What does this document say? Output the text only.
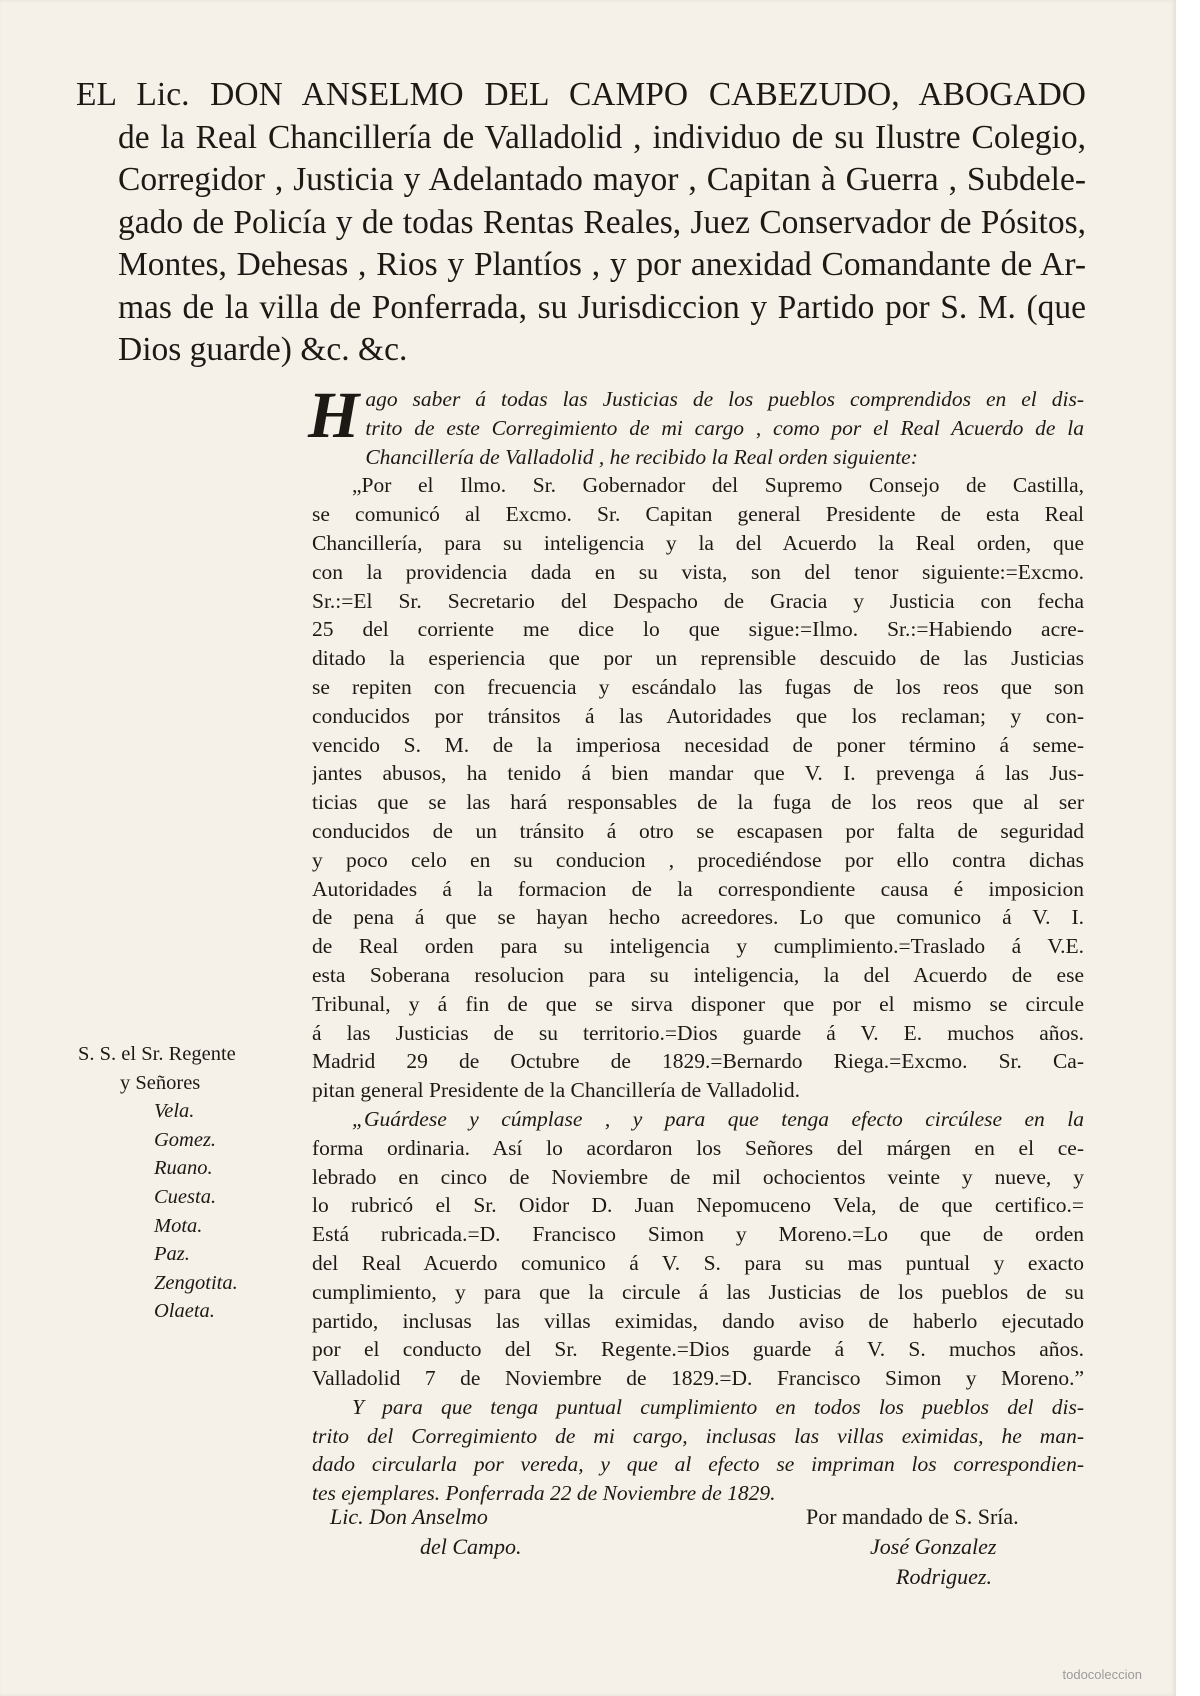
EL Lic. DON ANSELMO DEL CAMPO CABEZUDO, ABOGADO
de la Real Chancillería de Valladolid , individuo de su Ilustre Colegio,
Corregidor , Justicia y Adelantado mayor , Capitan à Guerra , Subdele-
gado de Policía y de todas Rentas Reales, Juez Conservador de Pósitos,
Montes, Dehesas , Rios y Plantíos , y por anexidad Comandante de Ar-
mas de la villa de Ponferrada, su Jurisdiccion y Partido por S. M. (que
Dios guarde) &c. &c.
H ago saber á todas las Justicias de los pueblos comprendidos en el dis-
trito de este Corregimiento de mi cargo , como por el Real Acuerdo de la
Chancillería de Valladolid , he recibido la Real orden siguiente:
„Por el Ilmo. Sr. Gobernador del Supremo Consejo de Castilla,
se comunicó al Excmo. Sr. Capitan general Presidente de esta Real
Chancillería, para su inteligencia y la del Acuerdo la Real orden, que
con la providencia dada en su vista, son del tenor siguiente:=Excmo.
Sr.:=El Sr. Secretario del Despacho de Gracia y Justicia con fecha
25 del corriente me dice lo que sigue:=Ilmo. Sr.:=Habiendo acre-
ditado la esperiencia que por un reprensible descuido de las Justicias
se repiten con frecuencia y escándalo las fugas de los reos que son
conducidos por tránsitos á las Autoridades que los reclaman; y con-
vencido S. M. de la imperiosa necesidad de poner término á seme-
jantes abusos, ha tenido á bien mandar que V. I. prevenga á las Jus-
ticias que se las hará responsables de la fuga de los reos que al ser
conducidos de un tránsito á otro se escapasen por falta de seguridad
y poco celo en su conducion , procediéndose por ello contra dichas
Autoridades á la formacion de la correspondiente causa é imposicion
de pena á que se hayan hecho acreedores. Lo que comunico á V. I.
de Real orden para su inteligencia y cumplimiento.=Traslado á V.E.
esta Soberana resolucion para su inteligencia, la del Acuerdo de ese
Tribunal, y á fin de que se sirva disponer que por el mismo se circule
á las Justicias de su territorio.=Dios guarde á V. E. muchos años.
Madrid 29 de Octubre de 1829.=Bernardo Riega.=Excmo. Sr. Ca-
pitan general Presidente de la Chancillería de Valladolid.
„Guárdese y cúmplase , y para que tenga efecto circúlese en la
forma ordinaria. Así lo acordaron los Señores del márgen en el ce-
lebrado en cinco de Noviembre de mil ochocientos veinte y nueve, y
lo rubricó el Sr. Oidor D. Juan Nepomuceno Vela, de que certifico.=
Está rubricada.=D. Francisco Simon y Moreno.=Lo que de orden
del Real Acuerdo comunico á V. S. para su mas puntual y exacto
cumplimiento, y para que la circule á las Justicias de los pueblos de su
partido, inclusas las villas eximidas, dando aviso de haberlo ejecutado
por el conducto del Sr. Regente.=Dios guarde á V. S. muchos años.
Valladolid 7 de Noviembre de 1829.=D. Francisco Simon y Moreno.”
Y para que tenga puntual cumplimiento en todos los pueblos del dis-
trito del Corregimiento de mi cargo, inclusas las villas eximidas, he man-
dado circularla por vereda, y que al efecto se impriman los correspondien-
tes ejemplares. Ponferrada 22 de Noviembre de 1829.
S. S. el Sr. Regente
y Señores
Vela.
Gomez.
Ruano.
Cuesta.
Mota.
Paz.
Zengotita.
Olaeta.
Lic. Don Anselmo
del Campo.
Por mandado de S. Sría.
José Gonzalez
Rodriguez.
todocoleccion
